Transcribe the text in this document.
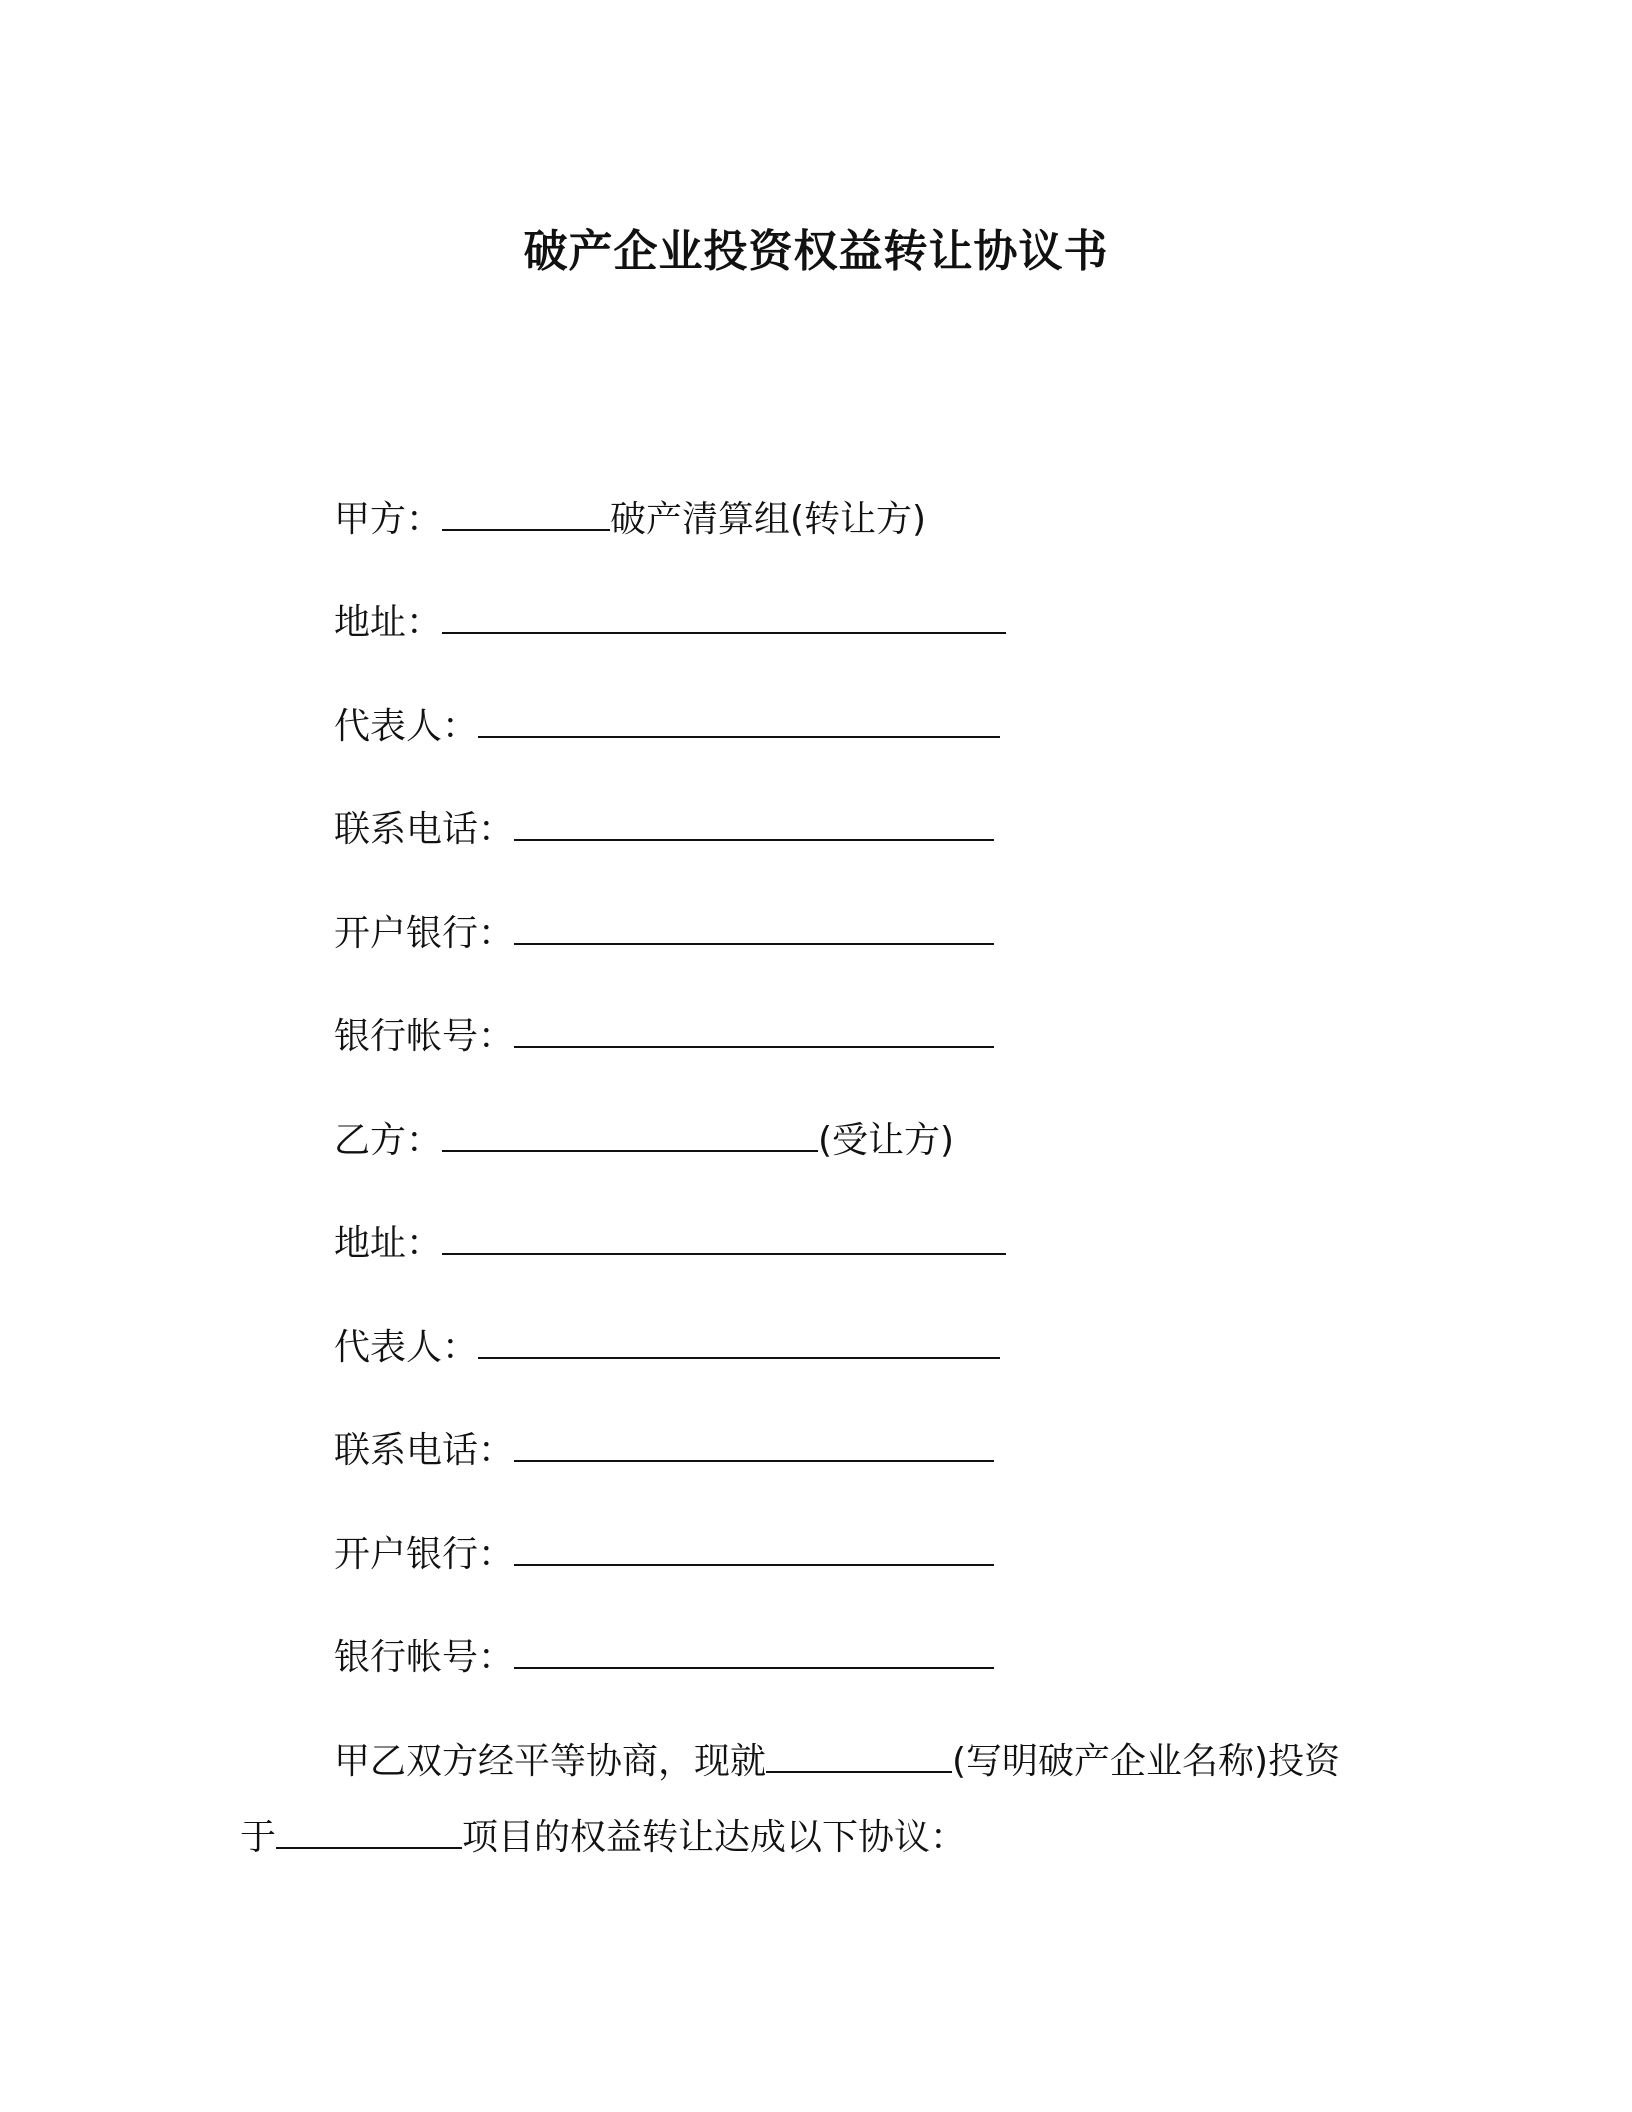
破产企业投资权益转让协议书
甲方：	破产清算组(转让方)
地址：
代表人：
联系电话：
开户银行：
银行帐号：
乙方：	(受让方)
地址：
代表人：
联系电话：
开户银行：
银行帐号：
甲乙双方经平等协商，现就	(写明破产企业名称)投资
于	项目的权益转让达成以下协议：
